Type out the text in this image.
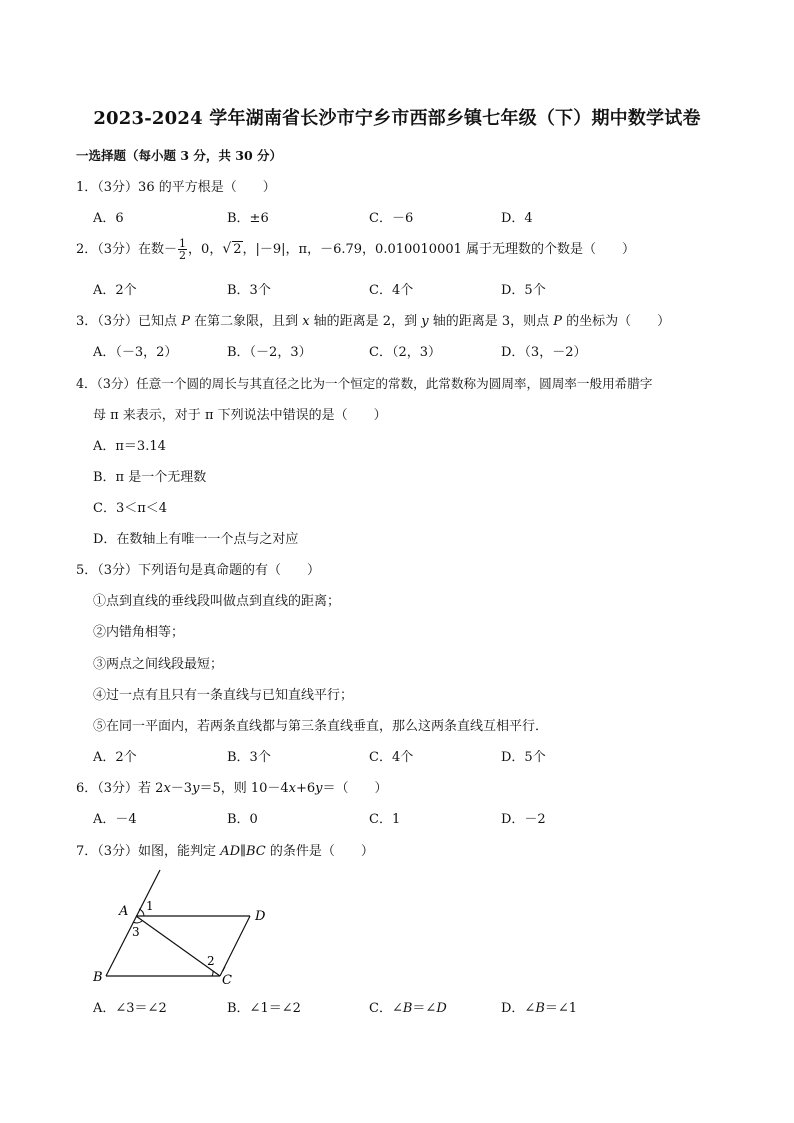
2023-2024 学年湖南省长沙市宁乡市西部乡镇七年级（下）期中数学试卷
一选择题（每小题 3 分，共 30 分）
1．（3分）36 的平方根是（　　）
A．6	B．±6	C．－6	D．4
2．（3分）在数－ $\frac{1}{2}$ ，0，√ 2，|－9|，π，－6.79，0.010010001 属于无理数的个数是（　　）
A．2个	B．3个	C．4个	D．5个
3．（3分）已知点 P 在第二象限，且到 x 轴的距离是 2，到 y 轴的距离是 3，则点 P 的坐标为（　　）
A．（－3，2）	B．（－2，3）	C．（2，3）	D．（3，－2）
4．（3分）任意一个圆的周长与其直径之比为一个恒定的常数，此常数称为圆周率，圆周率一般用希腊字
母 π 来表示，对于 π 下列说法中错误的是（　　）
A．π＝3.14
B．π 是一个无理数
C．3＜π＜4
D．在数轴上有唯一一个点与之对应
5．（3分）下列语句是真命题的有（　　）
①点到直线的垂线段叫做点到直线的距离；
②内错角相等；
③两点之间线段最短；
④过一点有且只有一条直线与已知直线平行；
⑤在同一平面内，若两条直线都与第三条直线垂直，那么这两条直线互相平行．
A．2个	B．3个	C．4个	D．5个
6．（3分）若 2x－3y＝5，则 10－4x+6y＝（　　）
A．－4	B．0	C．1	D．－2
7．（3分）如图，能判定 AD∥BC 的条件是（　　）
A 1
3
D
B
2
C
A．∠3＝∠2	B．∠1＝∠2	C．∠B＝∠D	D．∠B＝∠1
